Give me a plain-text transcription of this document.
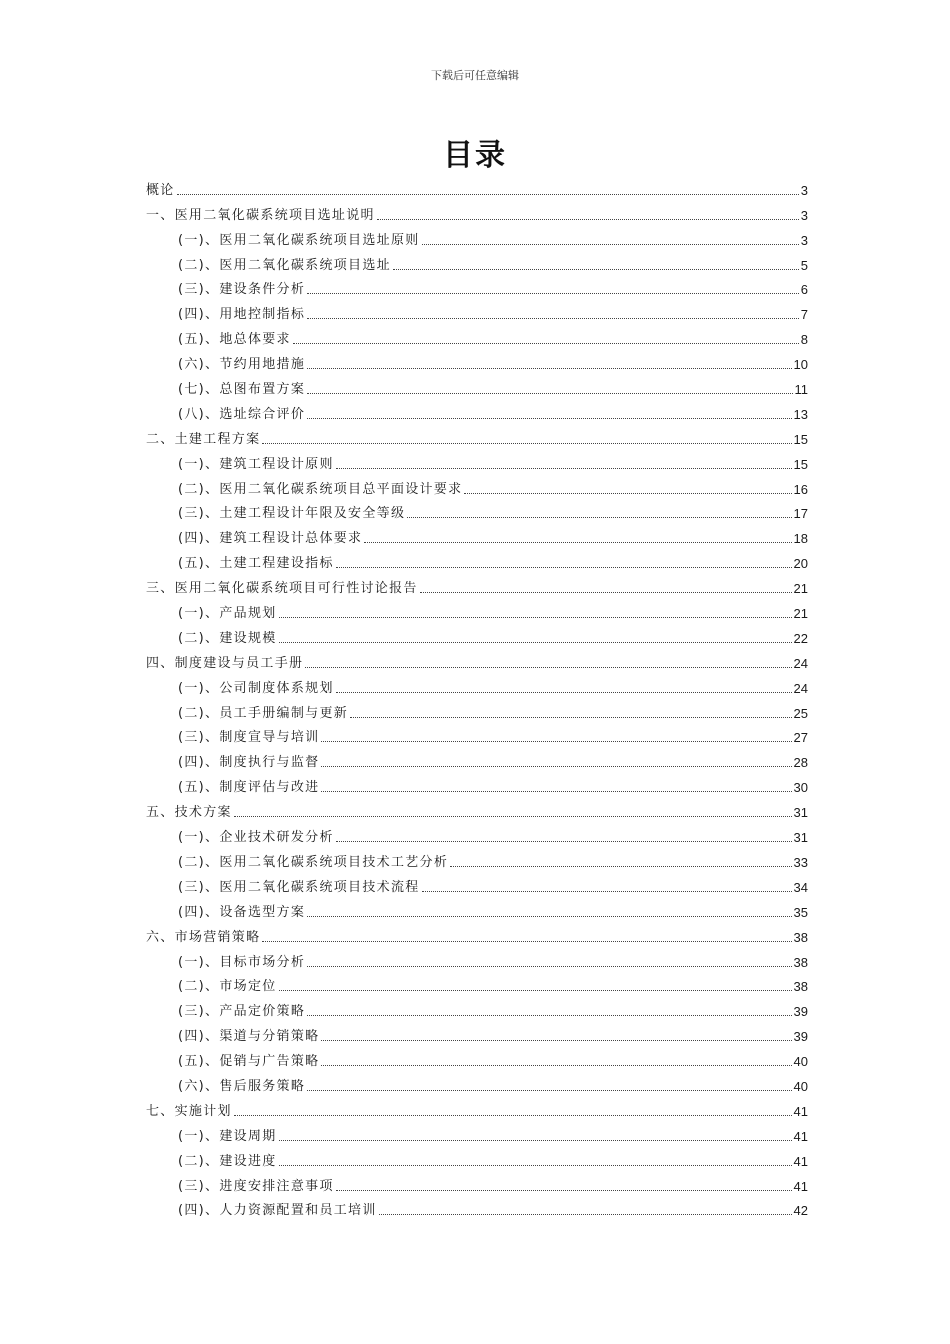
下载后可任意编辑
目录
概论	3
一、医用二氧化碳系统项目选址说明	3
(一)、医用二氧化碳系统项目选址原则	3
(二)、医用二氧化碳系统项目选址	5
(三)、建设条件分析	6
(四)、用地控制指标	7
(五)、地总体要求	8
(六)、节约用地措施	10
(七)、总图布置方案	11
(八)、选址综合评价	13
二、土建工程方案	15
(一)、建筑工程设计原则	15
(二)、医用二氧化碳系统项目总平面设计要求	16
(三)、土建工程设计年限及安全等级	17
(四)、建筑工程设计总体要求	18
(五)、土建工程建设指标	20
三、医用二氧化碳系统项目可行性讨论报告	21
(一)、产品规划	21
(二)、建设规模	22
四、制度建设与员工手册	24
(一)、公司制度体系规划	24
(二)、员工手册编制与更新	25
(三)、制度宣导与培训	27
(四)、制度执行与监督	28
(五)、制度评估与改进	30
五、技术方案	31
(一)、企业技术研发分析	31
(二)、医用二氧化碳系统项目技术工艺分析	33
(三)、医用二氧化碳系统项目技术流程	34
(四)、设备选型方案	35
六、市场营销策略	38
(一)、目标市场分析	38
(二)、市场定位	38
(三)、产品定价策略	39
(四)、渠道与分销策略	39
(五)、促销与广告策略	40
(六)、售后服务策略	40
七、实施计划	41
(一)、建设周期	41
(二)、建设进度	41
(三)、进度安排注意事项	41
(四)、人力资源配置和员工培训	42
